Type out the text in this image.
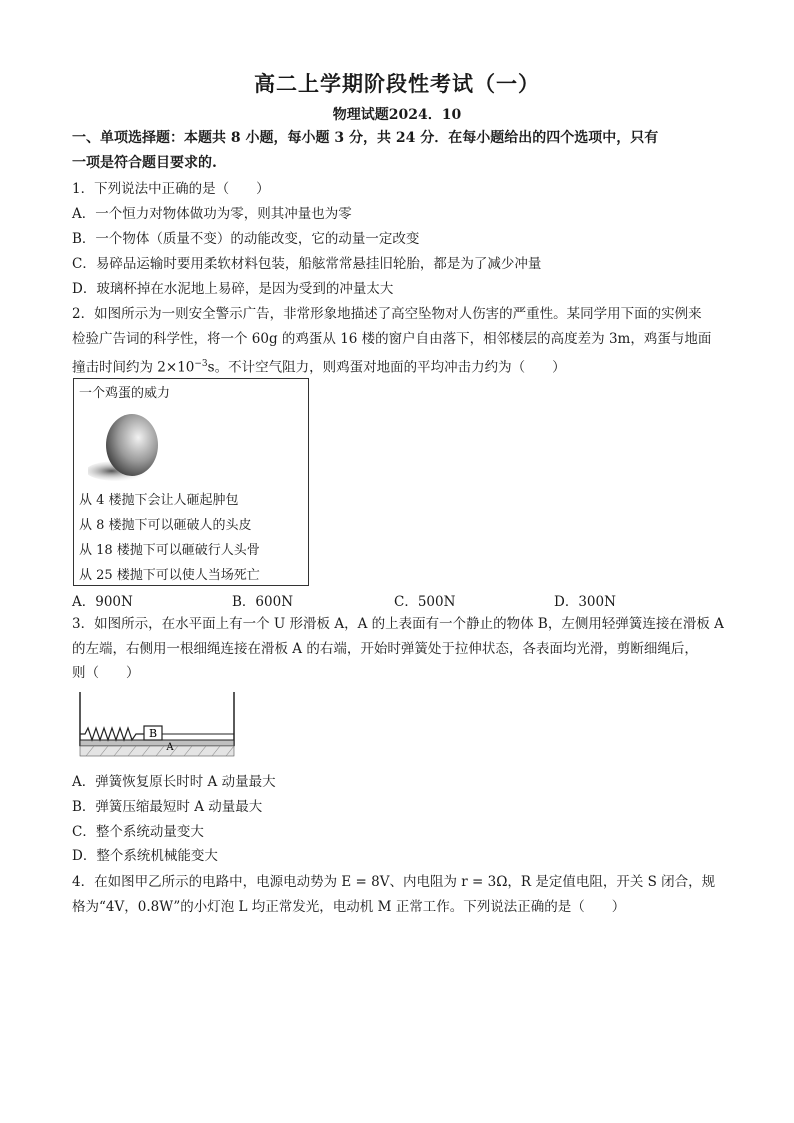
高二上学期阶段性考试（一）
物理试题2024．10
一、单项选择题：本题共 8 小题，每小题 3 分，共 24 分．在每小题给出的四个选项中，只有
一项是符合题目要求的.
1．下列说法中正确的是（　　）
A．一个恒力对物体做功为零，则其冲量也为零
B．一个物体（质量不变）的动能改变，它的动量一定改变
C．易碎品运输时要用柔软材料包装，船舷常常悬挂旧轮胎，都是为了减少冲量
D．玻璃杯掉在水泥地上易碎，是因为受到的冲量太大
2．如图所示为一则安全警示广告，非常形象地描述了高空坠物对人伤害的严重性。某同学用下面的实例来
检验广告词的科学性，将一个 60g 的鸡蛋从 16 楼的窗户自由落下，相邻楼层的高度差为 3m，鸡蛋与地面
撞击时间约为 $2\times 10^{-3}s$。不计空气阻力，则鸡蛋对地面的平均冲击力约为（　　）
一个鸡蛋的威力
从 4 楼抛下会让人砸起肿包
从 8 楼抛下可以砸破人的头皮
从 18 楼抛下可以砸破行人头骨
从 25 楼抛下可以使人当场死亡
A．900N	B．600N	C．500N	D．300N
3．如图所示，在水平面上有一个 U 形滑板 A，A 的上表面有一个静止的物体 B，左侧用轻弹簧连接在滑板 A
的左端，右侧用一根细绳连接在滑板 A 的右端，开始时弹簧处于拉伸状态，各表面均光滑，剪断细绳后，
则（　　）
B
A
A．弹簧恢复原长时时 A 动量最大
B．弹簧压缩最短时 A 动量最大
C．整个系统动量变大
D．整个系统机械能变大
4．在如图甲乙所示的电路中，电源电动势为 E = 8V、内电阻为 r = 3Ω，R 是定值电阻，开关 S 闭合，规
格为“4V，0.8W”的小灯泡 L 均正常发光，电动机 M 正常工作。下列说法正确的是（　　）
